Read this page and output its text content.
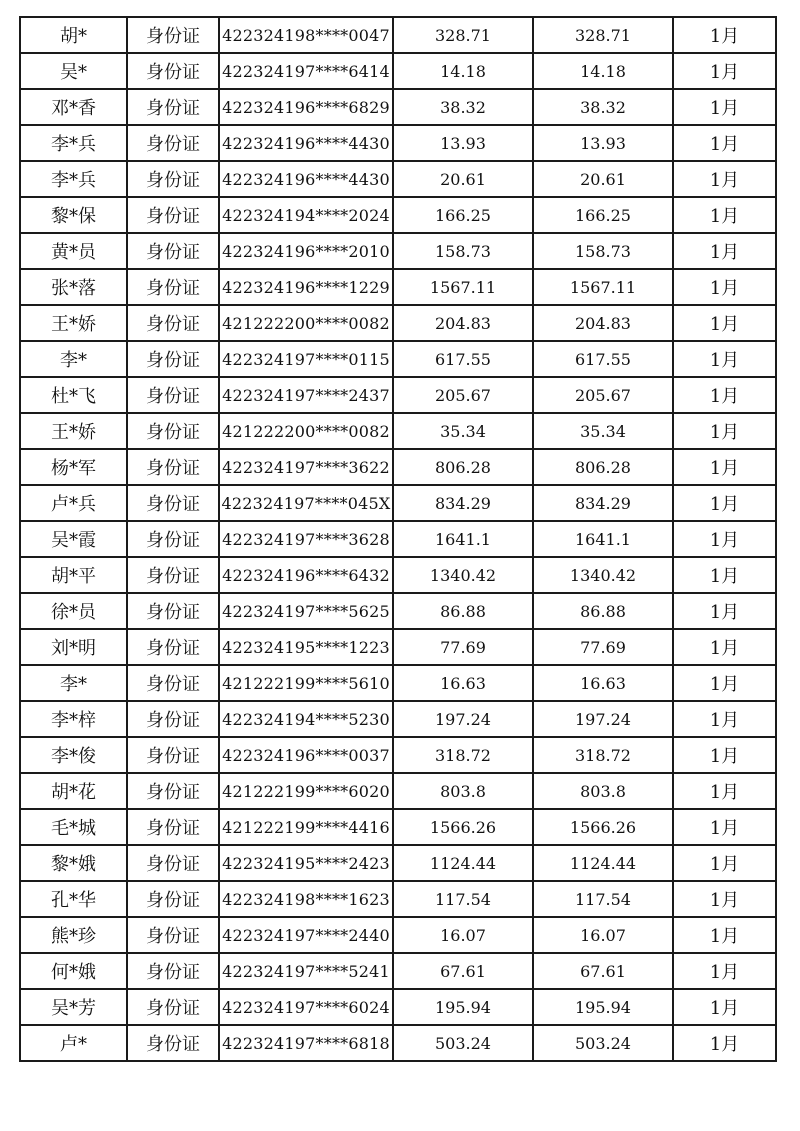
胡*	身份证	422324198****0047	328.71	328.71	1月
吴*	身份证	422324197****6414	14.18	14.18	1月
邓*香	身份证	422324196****6829	38.32	38.32	1月
李*兵	身份证	422324196****4430	13.93	13.93	1月
李*兵	身份证	422324196****4430	20.61	20.61	1月
黎*保	身份证	422324194****2024	166.25	166.25	1月
黄*员	身份证	422324196****2010	158.73	158.73	1月
张*落	身份证	422324196****1229	1567.11	1567.11	1月
王*娇	身份证	421222200****0082	204.83	204.83	1月
李*	身份证	422324197****0115	617.55	617.55	1月
杜*飞	身份证	422324197****2437	205.67	205.67	1月
王*娇	身份证	421222200****0082	35.34	35.34	1月
杨*军	身份证	422324197****3622	806.28	806.28	1月
卢*兵	身份证	422324197****045X	834.29	834.29	1月
吴*霞	身份证	422324197****3628	1641.1	1641.1	1月
胡*平	身份证	422324196****6432	1340.42	1340.42	1月
徐*员	身份证	422324197****5625	86.88	86.88	1月
刘*明	身份证	422324195****1223	77.69	77.69	1月
李*	身份证	421222199****5610	16.63	16.63	1月
李*梓	身份证	422324194****5230	197.24	197.24	1月
李*俊	身份证	422324196****0037	318.72	318.72	1月
胡*花	身份证	421222199****6020	803.8	803.8	1月
毛*城	身份证	421222199****4416	1566.26	1566.26	1月
黎*娥	身份证	422324195****2423	1124.44	1124.44	1月
孔*华	身份证	422324198****1623	117.54	117.54	1月
熊*珍	身份证	422324197****2440	16.07	16.07	1月
何*娥	身份证	422324197****5241	67.61	67.61	1月
吴*芳	身份证	422324197****6024	195.94	195.94	1月
卢*	身份证	422324197****6818	503.24	503.24	1月
